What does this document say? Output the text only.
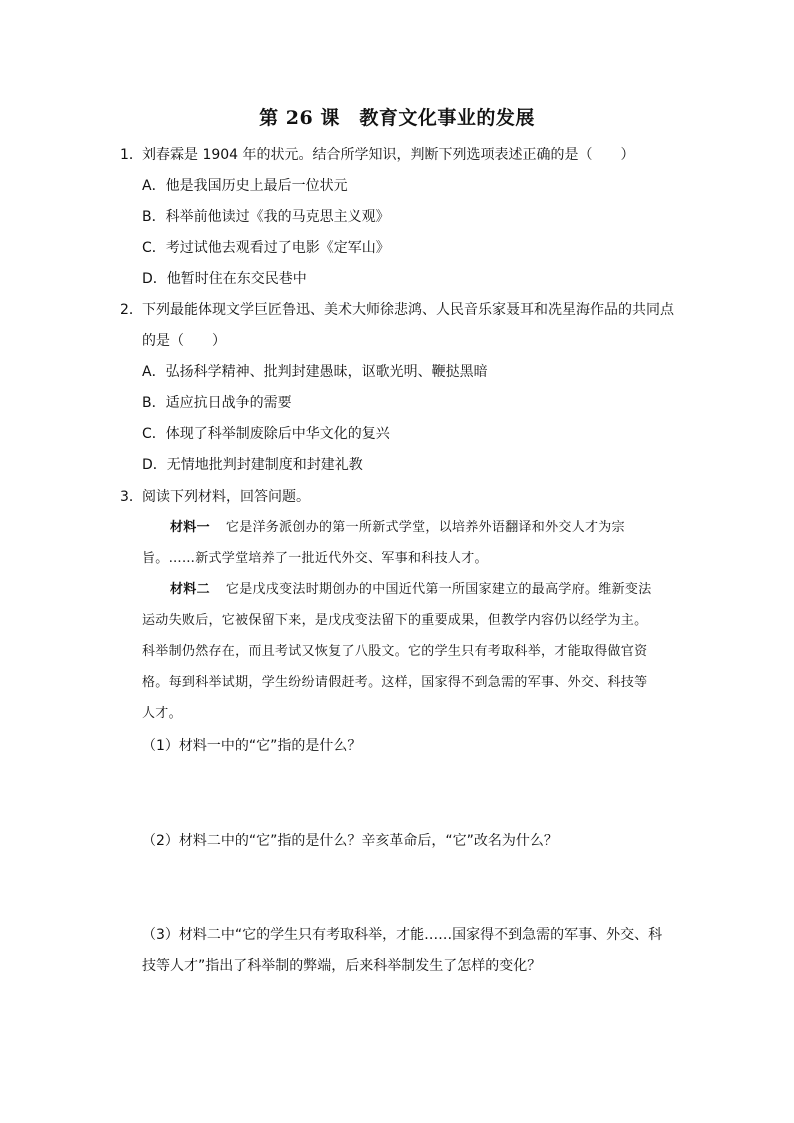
第 26 课　教育文化事业的发展
1． 刘春霖是 1904 年的状元。结合所学知识，判断下列选项表述正确的是（　　）
A．他是我国历史上最后一位状元
B．科举前他读过《我的马克思主义观》
C．考过试他去观看过了电影《定军山》
D．他暂时住在东交民巷中
2． 下列最能体现文学巨匠鲁迅、美术大师徐悲鸿、人民音乐家聂耳和冼星海作品的共同点
的是（　　）
A．弘扬科学精神、批判封建愚昧，讴歌光明、鞭挞黑暗
B．适应抗日战争的需要
C．体现了科举制废除后中华文化的复兴
D．无情地批判封建制度和封建礼教
3． 阅读下列材料，回答问题。
材料一 它是洋务派创办的第一所新式学堂，以培养外语翻译和外交人才为宗
旨。……新式学堂培养了一批近代外交、军事和科技人才。
材料二 它是戊戌变法时期创办的中国近代第一所国家建立的最高学府。维新变法
运动失败后，它被保留下来，是戊戌变法留下的重要成果，但教学内容仍以经学为主。
科举制仍然存在，而且考试又恢复了八股文。它的学生只有考取科举，才能取得做官资
格。每到科举试期，学生纷纷请假赶考。这样，国家得不到急需的军事、外交、科技等
人才。
（1）材料一中的“它”指的是什么？
（2）材料二中的“它”指的是什么？辛亥革命后，“它”改名为什么？
（3）材料二中“它的学生只有考取科举，才能……国家得不到急需的军事、外交、科
技等人才”指出了科举制的弊端，后来科举制发生了怎样的变化？
